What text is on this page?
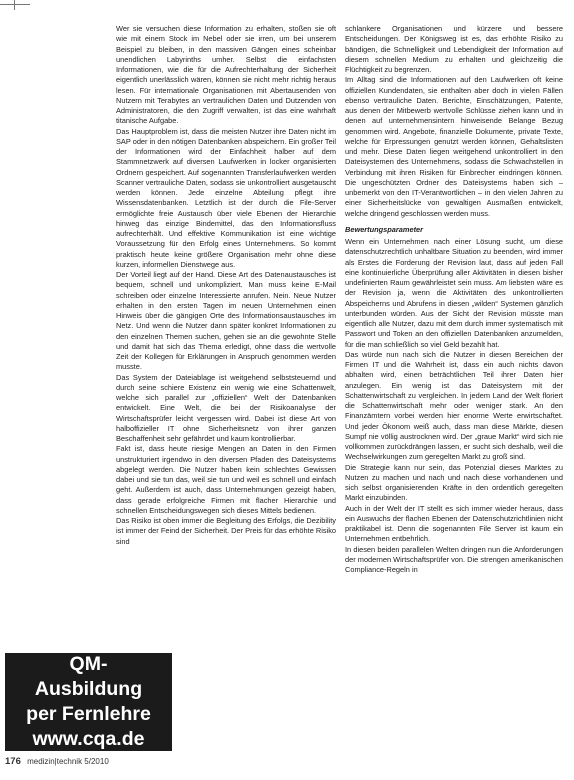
Wer sie versuchen diese Information zu erhalten, stoßen sie oft wie mit einem Stock im Nebel oder sie irren, um bei unserem Beispiel zu bleiben, in den massiven Gängen eines scheinbar unendlichen Labyrinths umher. Selbst die einfachsten Informationen, wie die für die Aufrechterhaltung der Sicherheit eigentlich unerlässlich wären, können sie nicht mehr richtig heraus lesen. Für internationale Organisationen mit Abertausenden von Nutzern mit Terabytes an vertraulichen Daten und Dutzenden von Administratoren, die den Zugriff verwalten, ist das eine wahrhaft titanische Aufgabe.

Das Hauptproblem ist, dass die meisten Nutzer ihre Daten nicht im SAP oder in den nötigen Datenbanken abspeichern. Ein großer Teil der Informationen wird der Einfachheit halber auf dem Stammnetzwerk auf diversen Laufwerken in locker organisierten Ordnern gespeichert. Auf sogenannten Transferlaufwerken werden Scanner vertrauliche Daten, sodass sie unkontrolliert ausgetauscht werden können. Jede einzelne Abteilung pflegt ihre Wissensdatenbanken. Letztlich ist der durch die File-Server ermöglichte freie Austausch über viele Ebenen der Hierarchie hinweg das einzige Bindemittel, das den Informationsfluss aufrechterhält. Und effektive Kommunikation ist eine wichtige Voraussetzung für den Erfolg eines Unternehmens. So kommt praktisch heute keine größere Organisation mehr ohne diese kurzen, informellen Dienstwege aus.

Der Vorteil liegt auf der Hand. Diese Art des Datenaustausches ist bequem, schnell und unkompliziert. Man muss keine E-Mail schreiben oder einzelne Interessierte anrufen. Nein. Neue Nutzer erhalten in den ersten Tagen im neuen Unternehmen einen Hinweis über die gängigen Orte des Informationsaustausches im Netz. Und wenn die Nutzer dann später konkret Informationen zu den einzelnen Themen suchen, gehen sie an die gewohnte Stelle und damit hat sich das Thema erledigt, ohne dass die wertvolle Zeit der Kollegen für Erklärungen in Anspruch genommen werden musste.

Das System der Dateiablage ist weitgehend selbststeuernd und durch seine schiere Existenz ein wenig wie eine Schattenwelt, welche sich parallel zur „offiziellen“ Welt der Datenbanken entwickelt. Eine Welt, die bei der Risikoanalyse der Wirtschaftsprüfer leicht vergessen wird. Dabei ist diese Art von halboffizieller IT ohne Sicherheitsnetz von ihrer ganzen Beschaffenheit sehr gefährdet und kaum kontrollierbar.

Fakt ist, dass heute riesige Mengen an Daten in den Firmen unstrukturiert irgendwo in den diversen Pfaden des Dateisystems abgelegt werden. Die Nutzer haben kein schlechtes Gewissen dabei und sie tun das, weil sie tun und weil es schnell und einfach geht. Außerdem ist auch, dass Unternehmungen gezeigt haben, dass gerade erfolgreiche Firmen mit flacher Hierarchie und schnellen Entscheidungswegen sich dieses Mittels bedienen.

Das Risiko ist oben immer die Begleitung des Erfolgs, die Dezibility ist immer der Feind der Sicherheit. Der Preis für das erhöhte Risiko sind

schlankere Organisationen und kürzere und bessere Entscheidungen. Der Königsweg ist es, das erhöhte Risiko zu bändigen, die Schnelligkeit und Lebendigkeit der Information auf diesem schnellen Medium zu erhalten und gleichzeitig die Flüchtigkeit zu begrenzen.

Im Alltag sind die Informationen auf den Laufwerken oft keine offiziellen Kundendaten, sie enthalten aber doch in vielen Fällen ebenso vertrauliche Daten. Berichte, Einschätzungen, Patente, aus denen der Mitbewerb wertvolle Schlüsse ziehen kann und in denen auf unternehmensintern hinweisende Belange Bezug genommen wird. Angebote, finanzielle Dokumente, private Texte, welche für Erpressungen genutzt werden können, Gehaltslisten und mehr. Diese Daten liegen weitgehend unkontrolliert in den Dateisystemen des Unternehmens, sodass die Schwachstellen in Verbindung mit ihren Risiken für Einbrecher eindringen können. Die ungeschützten Ordner des Dateisystems haben sich – unbemerkt von den IT-Verantwortlichen – in den vielen Jahren zu einer Sicherheitslücke von gewaltigen Ausmaßen entwickelt, welche dringend geschlossen werden muss.

Bewertungsparameter

Wenn ein Unternehmen nach einer Lösung sucht, um diese datenschutzrechtlich unhaltbare Situation zu beenden, wird immer als Erstes die Forderung der Revision laut, dass auf jeden Fall eine kontinuierliche Überprüfung aller Aktivitäten in diesen bisher undefinierten Raum gewährleistet sein muss. Am liebsten wäre es der Revision ja, wenn die Aktivitäten des unkontrollierten Abspeicherns und Abrufens in diesen „wilden“ Systemen gänzlich unterbunden würden. Aus der Sicht der Revision müsste man eigentlich alle Nutzer, dazu mit dem durch immer systematisch mit Passwort und Token an den offiziellen Datenbanken anzumelden, für die man schließlich so viel Geld bezahlt hat.

Das würde nun nach sich die Nutzer in diesen Bereichen der Firmen IT und die Wahrheit ist, dass ein auch nichts davon abhalten wird, einen beträchtlichen Teil ihrer Daten hier anzulegen. Ein wenig ist das Dateisystem mit der Schattenwirtschaft zu vergleichen. In jedem Land der Welt floriert die Schattenwirtschaft mehr oder weniger stark. An den Finanzämtern vorbei werden hier enorme Werte erwirtschaftet. Und jeder Ökonom weiß auch, dass man diese Märkte, diesen Sumpf nie völlig austrocknen wird. Der „graue Markt“ wird sich nie vollkommen zurückdrängen lassen, er sucht sich deshalb, weil die Wechselwirkungen zum geregelten Markt zu groß sind.

Die Strategie kann nur sein, das Potenzial dieses Marktes zu Nutzen zu machen und nach und nach diese vorhandenen und sich selbst organisierenden Kräfte in den ordentlich geregelten Markt einzubinden.

Auch in der Welt der IT stellt es sich immer wieder heraus, dass ein Auswuchs der flachen Ebenen der Datenschutzrichtlinien nicht praktikabel ist. Denn die sogenannten File Server ist kaum ein Unternehmen entbehrlich.

In diesen beiden parallelen Welten dringen nun die Anforderungen der modernen Wirtschaftsprüfer von. Die strengen amerikanischen Compliance-Regeln in

QM-
Ausbildung
per Fernlehre
www.cqa.de
176 medizin|technik 5/2010
